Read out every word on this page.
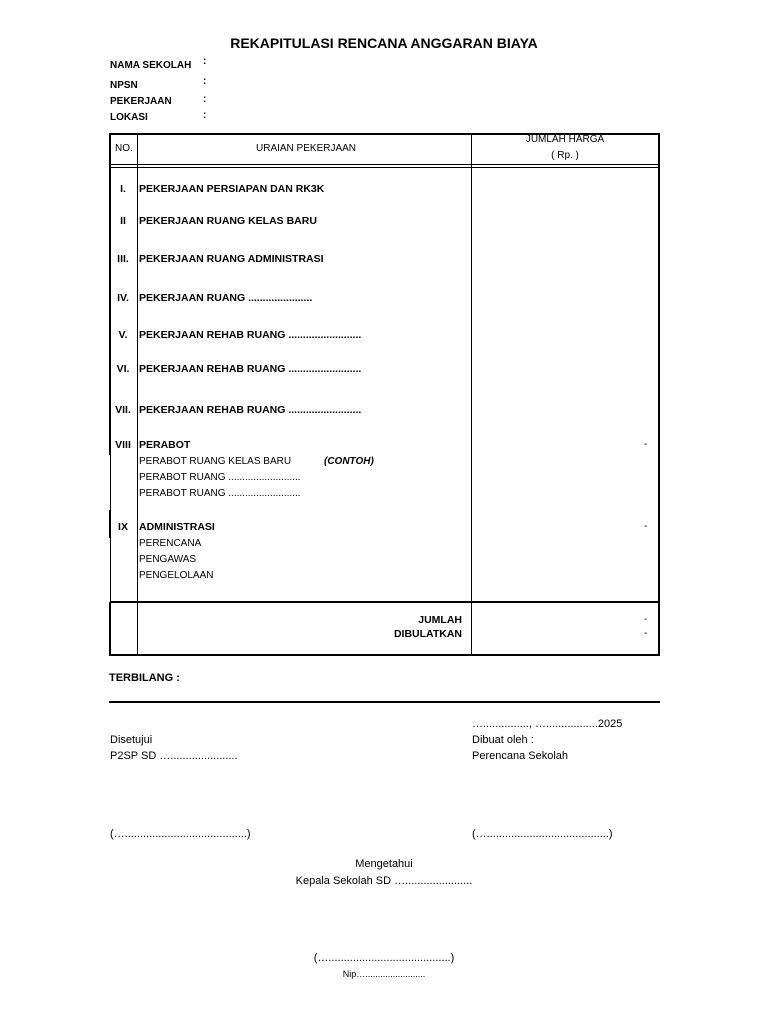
REKAPITULASI RENCANA ANGGARAN BIAYA
NAMA SEKOLAH :
NPSN	:
PEKERJAAN	:
LOKASI	:
NO.	URAIAN PEKERJAAN
JUMLAH HARGA
( Rp. )
I.	PEKERJAAN PERSIAPAN DAN RK3K
II	PEKERJAAN RUANG KELAS BARU
III. PEKERJAAN RUANG ADMINISTRASI
IV. PEKERJAAN RUANG ......................
V.	PEKERJAAN REHAB RUANG .........................
VI. PEKERJAAN REHAB RUANG .........................
VII. PEKERJAAN REHAB RUANG .........................
VIII PERABOT	-
PERABOT RUANG KELAS BARU	(CONTOH)
PERABOT RUANG ..........................
PERABOT RUANG ..........................
IX	ADMINISTRASI	-
PERENCANA
PENGAWAS
PENGELOLAAN
JUMLAH	-
DIBULATKAN	-
TERBILANG :
…..............., ….................2025
Disetujui
P2SP SD …......................
Dibuat oleh :
Perencana Sekolah
(…........................................)	(…........................................)
Mengetahui
Kepala Sekolah SD …......................
(…........................................)
Nip…........................
